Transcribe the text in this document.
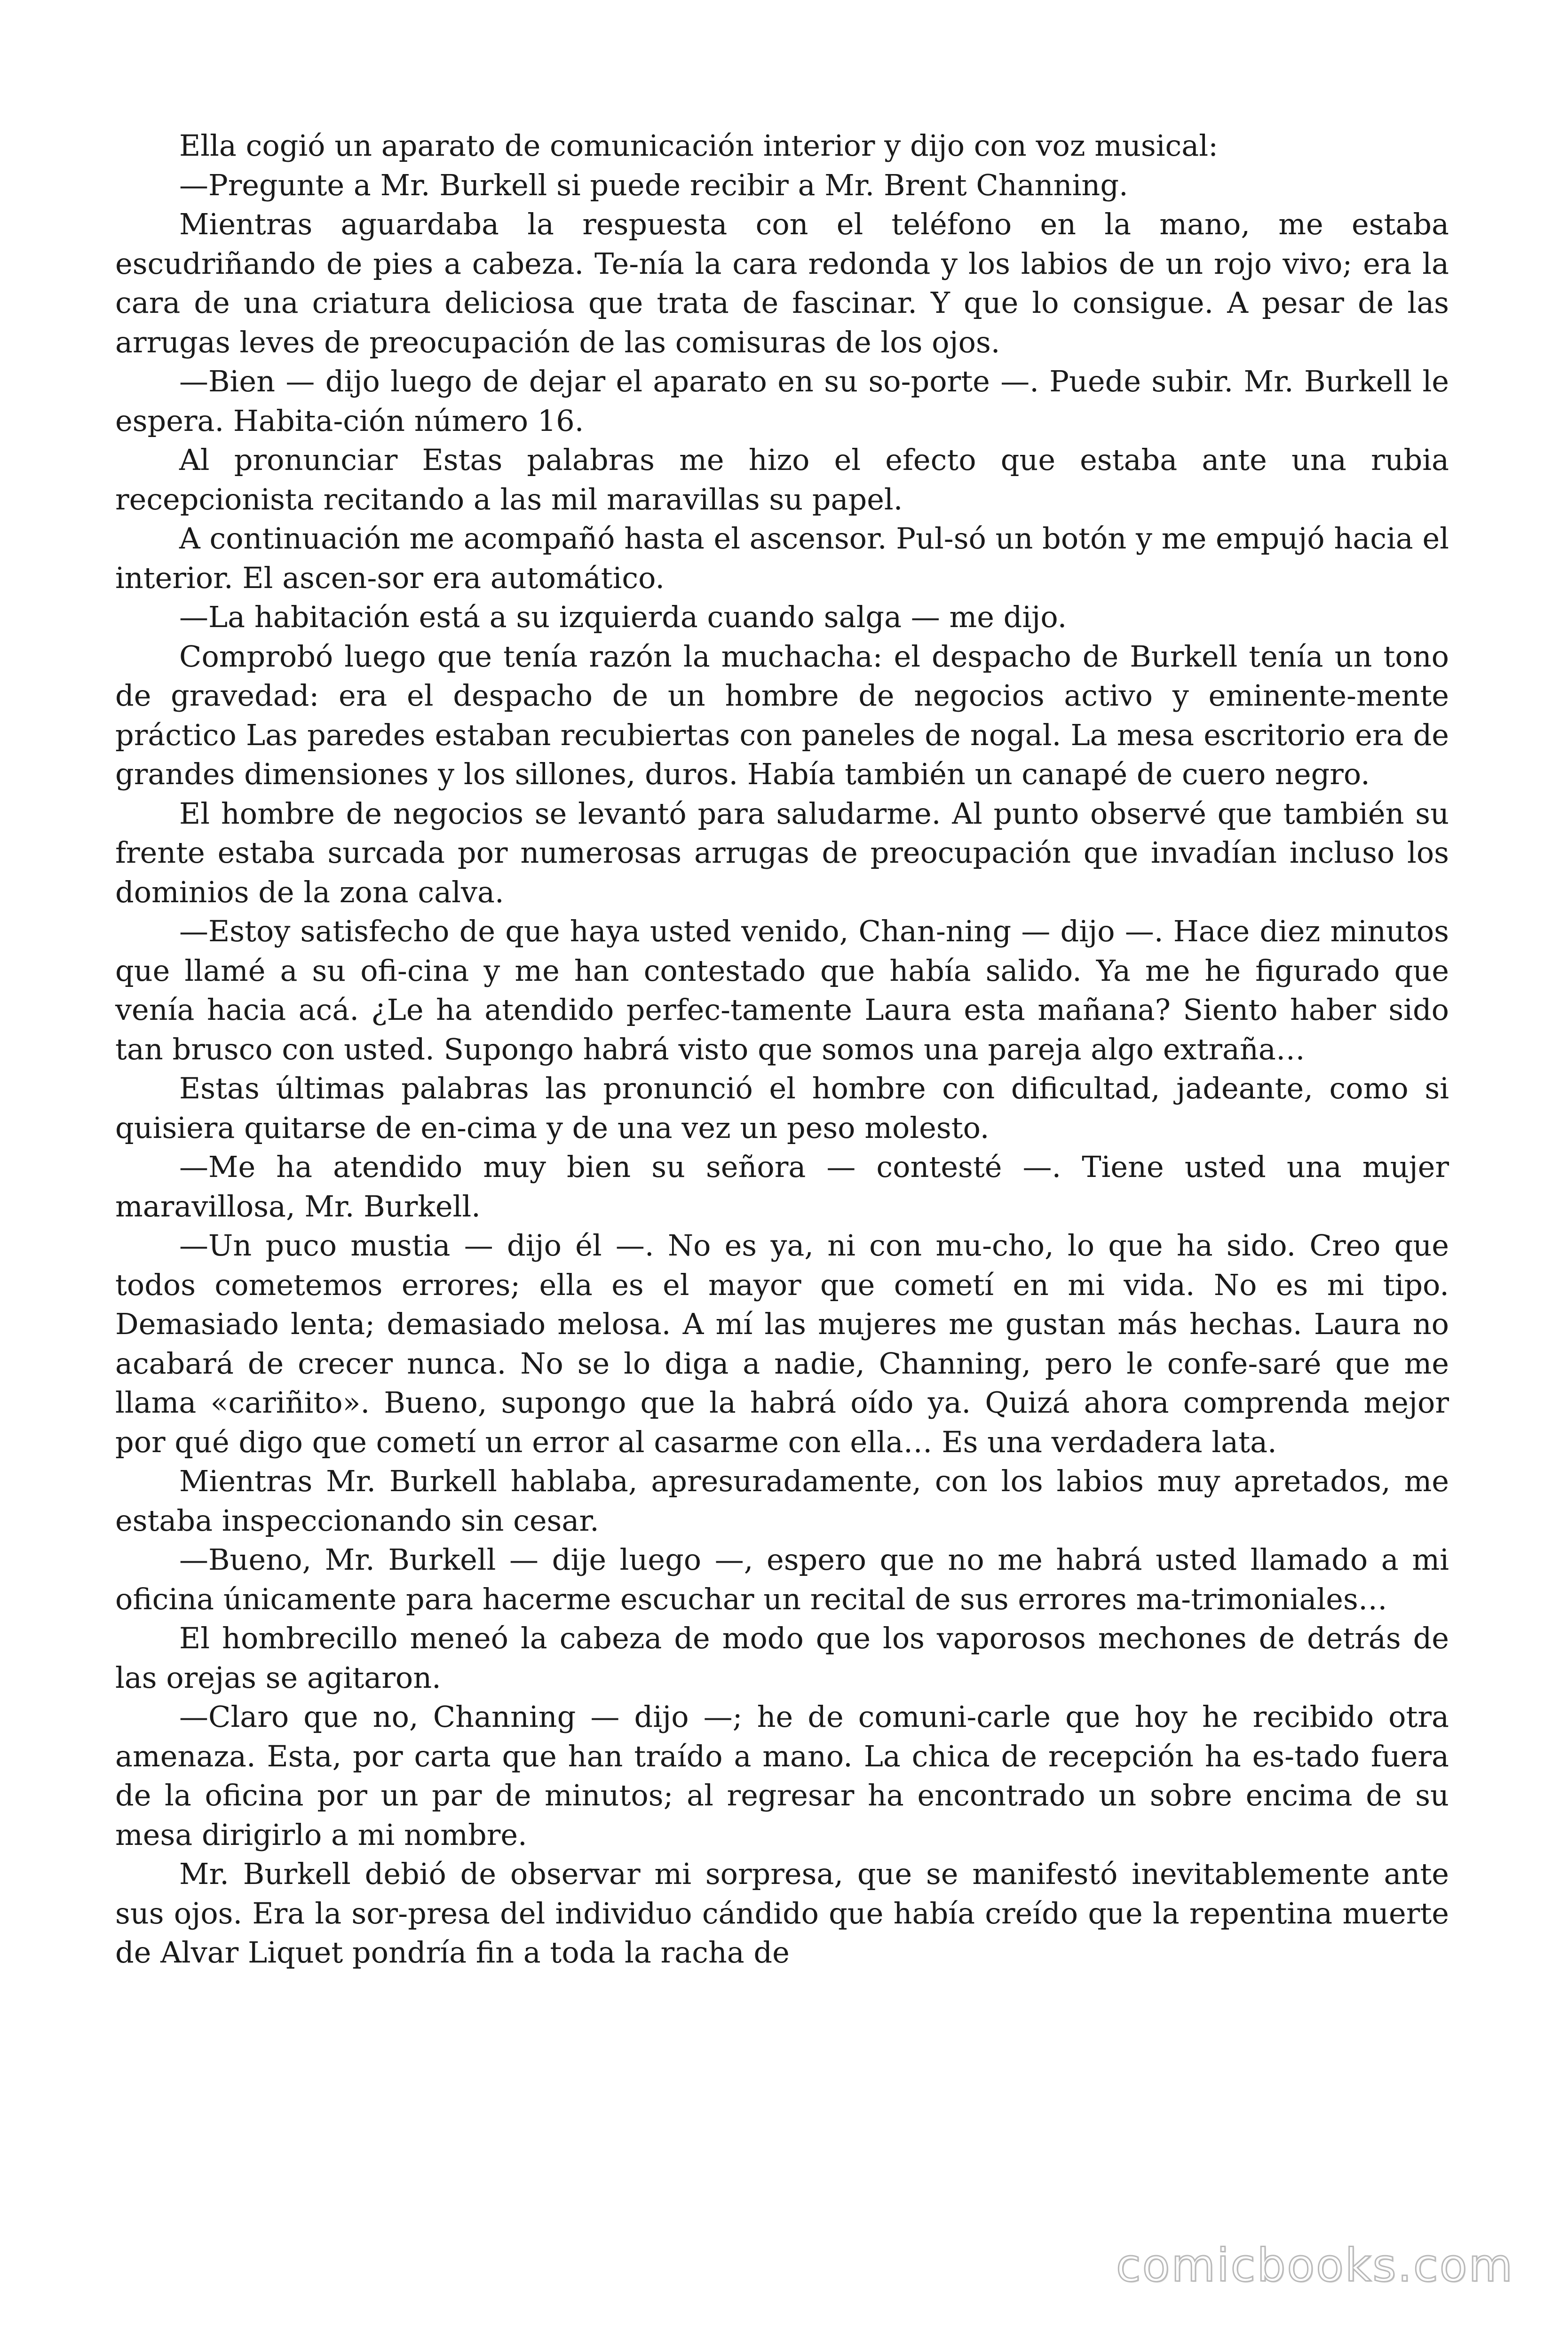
Ella cogió un aparato de comunicación interior y dijo con voz musical:

—Pregunte a Mr. Burkell si puede recibir a Mr. Brent Channing.

Mientras aguardaba la respuesta con el teléfono en la mano, me estaba escudriñando de pies a cabeza. Te-nía la cara redonda y los labios de un rojo vivo; era la cara de una criatura deliciosa que trata de fascinar. Y que lo consigue. A pesar de las arrugas leves de preocupación de las comisuras de los ojos.

—Bien — dijo luego de dejar el aparato en su so-porte —. Puede subir. Mr. Burkell le espera. Habita-ción número 16.

Al pronunciar Estas palabras me hizo el efecto que estaba ante una rubia recepcionista recitando a las mil maravillas su papel.

A continuación me acompañó hasta el ascensor. Pul-só un botón y me empujó hacia el interior. El ascen-sor era automático.

—La habitación está a su izquierda cuando salga — me dijo.

Comprobó luego que tenía razón la muchacha: el despacho de Burkell tenía un tono de gravedad: era el despacho de un hombre de negocios activo y eminente-mente práctico Las paredes estaban recubiertas con paneles de nogal. La mesa escritorio era de grandes dimensiones y los sillones, duros. Había también un canapé de cuero negro.

El hombre de negocios se levantó para saludarme. Al punto observé que también su frente estaba surcada por numerosas arrugas de preocupación que invadían incluso los dominios de la zona calva.

—Estoy satisfecho de que haya usted venido, Chan-ning — dijo —. Hace diez minutos que llamé a su ofi-cina y me han contestado que había salido. Ya me he figurado que venía hacia acá. ¿Le ha atendido perfec-tamente Laura esta mañana? Siento haber sido tan brusco con usted. Supongo habrá visto que somos una pareja algo extraña…

Estas últimas palabras las pronunció el hombre con dificultad, jadeante, como si quisiera quitarse de en-cima y de una vez un peso molesto.

—Me ha atendido muy bien su señora — contesté —. Tiene usted una mujer maravillosa, Mr. Burkell.

—Un puco mustia — dijo él —. No es ya, ni con mu-cho, lo que ha sido. Creo que todos cometemos errores; ella es el mayor que cometí en mi vida. No es mi tipo. Demasiado lenta; demasiado melosa. A mí las mujeres me gustan más hechas. Laura no acabará de crecer nunca. No se lo diga a nadie, Channing, pero le confe-saré que me llama «cariñito». Bueno, supongo que la habrá oído ya. Quizá ahora comprenda mejor por qué digo que cometí un error al casarme con ella… Es una verdadera lata.

Mientras Mr. Burkell hablaba, apresuradamente, con los labios muy apretados, me estaba inspeccionando sin cesar.

—Bueno, Mr. Burkell — dije luego —, espero que no me habrá usted llamado a mi oficina únicamente para hacerme escuchar un recital de sus errores ma-trimoniales…

El hombrecillo meneó la cabeza de modo que los vaporosos mechones de detrás de las orejas se agitaron.

—Claro que no, Channing — dijo —; he de comuni-carle que hoy he recibido otra amenaza. Esta, por carta que han traído a mano. La chica de recepción ha es-tado fuera de la oficina por un par de minutos; al regresar ha encontrado un sobre encima de su mesa dirigirlo a mi nombre.

Mr. Burkell debió de observar mi sorpresa, que se manifestó inevitablemente ante sus ojos. Era la sor-presa del individuo cándido que había creído que la repentina muerte de Alvar Liquet pondría fin a toda la racha de

comicbooks.com
